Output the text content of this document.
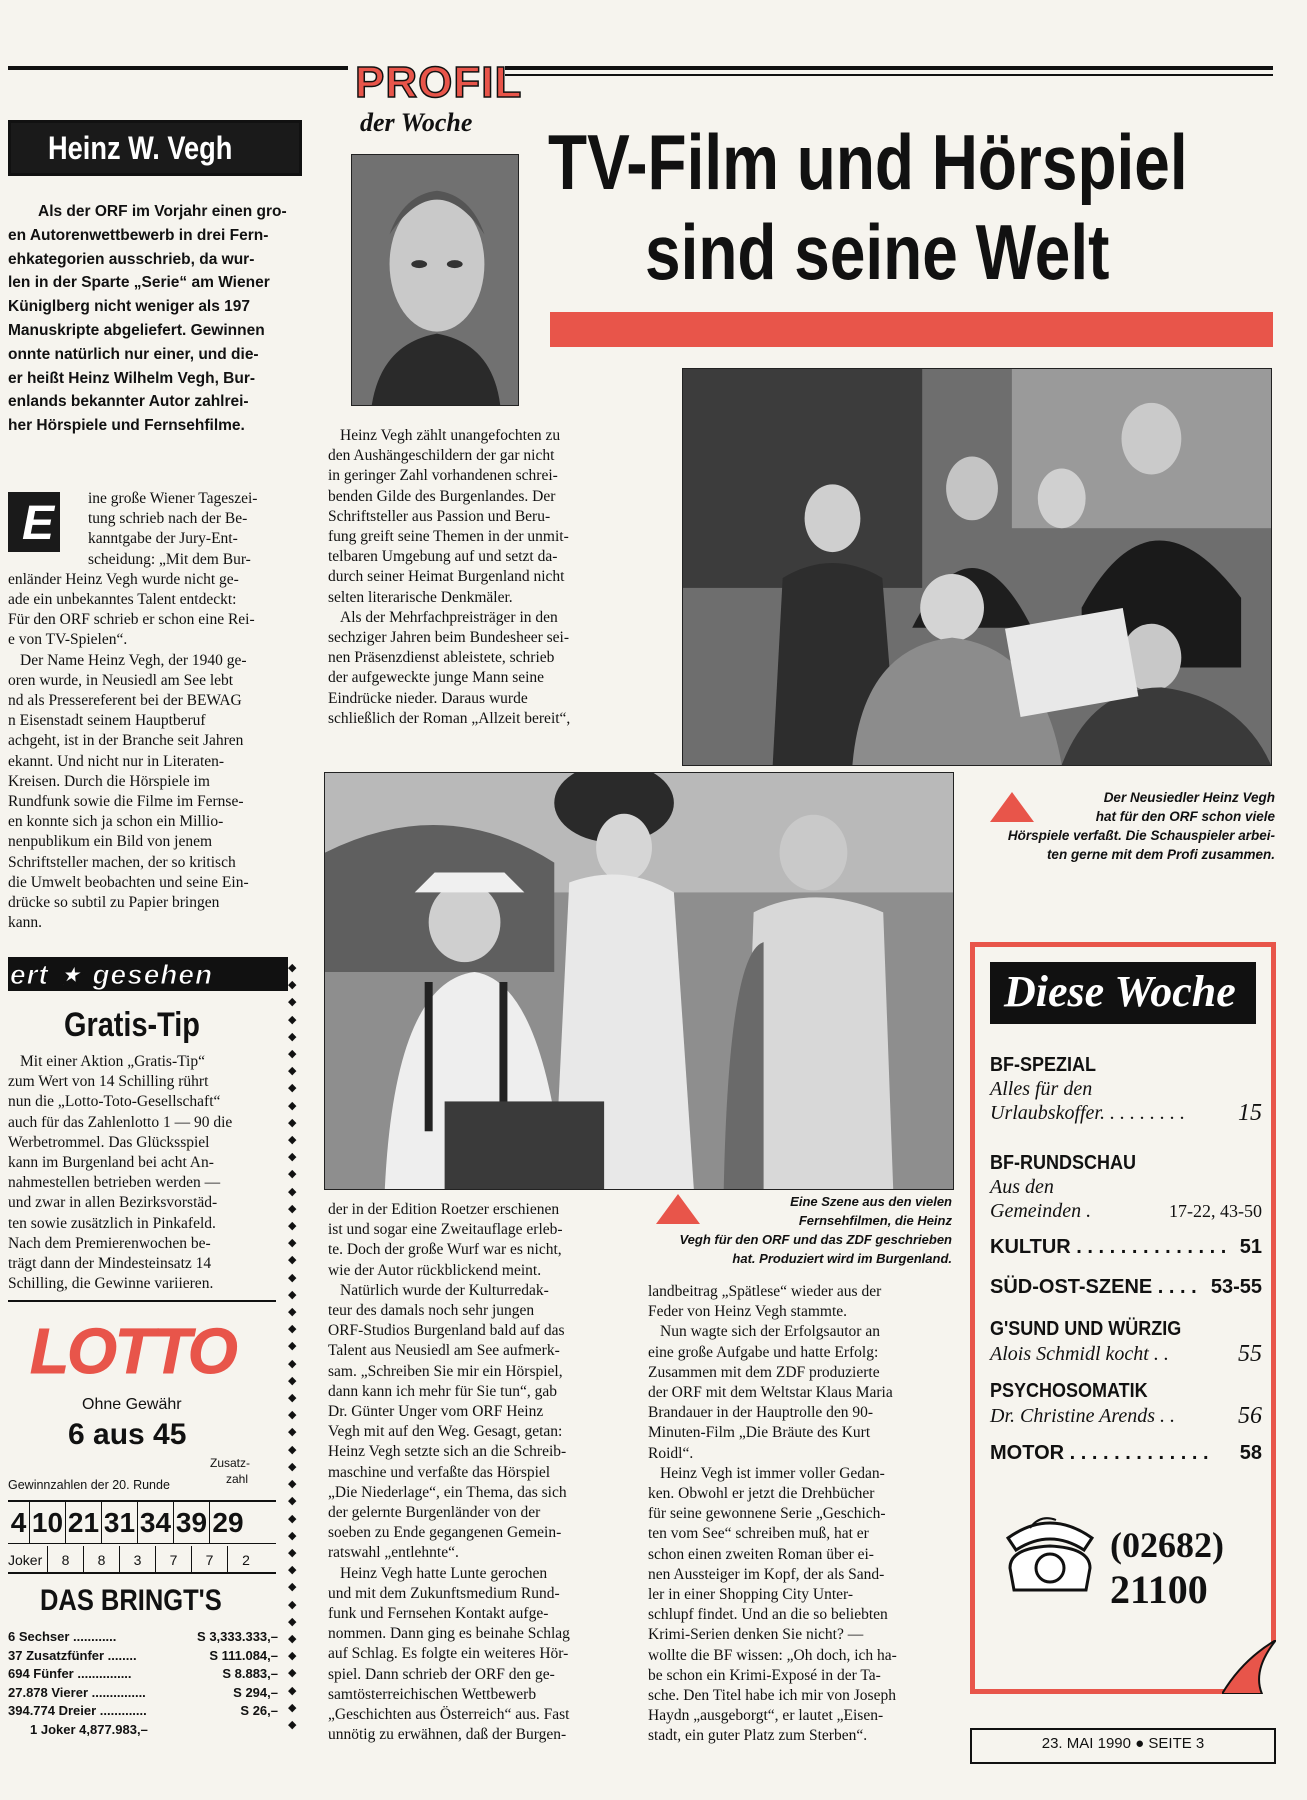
PROFIL
der Woche TV-Film und Hörspiel
sind seine Welt
Heinz W. Vegh
Als der ORF im Vorjahr einen gro-
en Autorenwettbewerb in drei Fern-
ehkategorien ausschrieb, da wur-
len in der Sparte „Serie“ am Wiener
Küniglberg nicht weniger als 197
Manuskripte abgeliefert. Gewinnen
onnte natürlich nur einer, und die-
er heißt Heinz Wilhelm Vegh, Bur-
enlands bekannter Autor zahlrei-
her Hörspiele und Fernsehfilme.
E	ine große Wiener Tageszei-
tung schrieb nach der Be-
kanntgabe der Jury-Ent-
scheidung: „Mit dem Bur-
enländer Heinz Vegh wurde nicht ge-
ade ein unbekanntes Talent entdeckt:
Für den ORF schrieb er schon eine Rei-
e von TV-Spielen“.
Der Name Heinz Vegh, der 1940 ge-
oren wurde, in Neusiedl am See lebt
nd als Pressereferent bei der BEWAG
n Eisenstadt seinem Hauptberuf
achgeht, ist in der Branche seit Jahren
ekannt. Und nicht nur in Literaten-
Kreisen. Durch die Hörspiele im
Rundfunk sowie die Filme im Fernse-
en konnte sich ja schon ein Millio-
nenpublikum ein Bild von jenem
Schriftsteller machen, der so kritisch
die Umwelt beobachten und seine Ein-
drücke so subtil zu Papier bringen
kann.
ert ★ gesehen
Gratis-Tip
Mit einer Aktion „Gratis-Tip“
zum Wert von 14 Schilling rührt
nun die „Lotto-Toto-Gesellschaft“
auch für das Zahlenlotto 1 — 90 die
Werbetrommel. Das Glücksspiel
kann im Burgenland bei acht An-
nahmestellen betrieben werden —
und zwar in allen Bezirksvorstäd-
ten sowie zusätzlich in Pinkafeld.
Nach dem Premierenwochen be-
trägt dann der Mindesteinsatz 14
Schilling, die Gewinne variieren.
◆
◆
◆
◆
◆
◆
◆
◆
◆
◆
◆
◆
◆
◆
◆
◆
◆
◆
◆
◆
◆
◆
◆
◆
◆
◆
◆
◆
◆
◆
◆
◆
◆
◆
◆
◆
◆
◆
◆
◆
◆
◆
◆
◆
◆
LOTTO
Ohne Gewähr
6 aus 45
Zusatz-
zahl
Gewinnzahlen der 20. Runde
4 10 21 31 34 39 29
Joker	8	8	3	7	7	2
DAS BRINGT'S
6 Sechser ............	S 3,333.333,–
37 Zusatzfünfer ........	S 111.084,–
694 Fünfer ...............	S 8.883,–
27.878 Vierer ...............	S 294,–
394.774 Dreier .............	S 26,–
1 Joker 4,877.983,–
Heinz Vegh zählt unangefochten zu
den Aushängeschildern der gar nicht
in geringer Zahl vorhandenen schrei-
benden Gilde des Burgenlandes. Der
Schriftsteller aus Passion und Beru-
fung greift seine Themen in der unmit-
telbaren Umgebung auf und setzt da-
durch seiner Heimat Burgenland nicht
selten literarische Denkmäler.
Als der Mehrfachpreisträger in den
sechziger Jahren beim Bundesheer sei-
nen Präsenzdienst ableistete, schrieb
der aufgeweckte junge Mann seine
Eindrücke nieder. Daraus wurde
schließlich der Roman „Allzeit bereit“,
Der Neusiedler Heinz Vegh
hat für den ORF schon viele
Hörspiele verfaßt. Die Schauspieler arbei-
ten gerne mit dem Profi zusammen.
Eine Szene aus den vielen
Fernsehfilmen, die Heinz
Vegh für den ORF und das ZDF geschrieben
hat. Produziert wird im Burgenland.
der in der Edition Roetzer erschienen
ist und sogar eine Zweitauflage erleb-
te. Doch der große Wurf war es nicht,
wie der Autor rückblickend meint.
Natürlich wurde der Kulturredak-
teur des damals noch sehr jungen
ORF-Studios Burgenland bald auf das
Talent aus Neusiedl am See aufmerk-
sam. „Schreiben Sie mir ein Hörspiel,
dann kann ich mehr für Sie tun“, gab
Dr. Günter Unger vom ORF Heinz
Vegh mit auf den Weg. Gesagt, getan:
Heinz Vegh setzte sich an die Schreib-
maschine und verfaßte das Hörspiel
„Die Niederlage“, ein Thema, das sich
der gelernte Burgenländer von der
soeben zu Ende gegangenen Gemein-
ratswahl „entlehnte“.
Heinz Vegh hatte Lunte gerochen
und mit dem Zukunftsmedium Rund-
funk und Fernsehen Kontakt aufge-
nommen. Dann ging es beinahe Schlag
auf Schlag. Es folgte ein weiteres Hör-
spiel. Dann schrieb der ORF den ge-
samtösterreichischen Wettbewerb
„Geschichten aus Österreich“ aus. Fast
unnötig zu erwähnen, daß der Burgen-
landbeitrag „Spätlese“ wieder aus der
Feder von Heinz Vegh stammte.
Nun wagte sich der Erfolgsautor an
eine große Aufgabe und hatte Erfolg:
Zusammen mit dem ZDF produzierte
der ORF mit dem Weltstar Klaus Maria
Brandauer in der Hauptrolle den 90-
Minuten-Film „Die Bräute des Kurt
Roidl“.
Heinz Vegh ist immer voller Gedan-
ken. Obwohl er jetzt die Drehbücher
für seine gewonnene Serie „Geschich-
ten vom See“ schreiben muß, hat er
schon einen zweiten Roman über ei-
nen Aussteiger im Kopf, der als Sand-
ler in einer Shopping City Unter-
schlupf findet. Und an die so beliebten
Krimi-Serien denken Sie nicht? —
wollte die BF wissen: „Oh doch, ich ha-
be schon ein Krimi-Exposé in der Ta-
sche. Den Titel habe ich mir von Joseph
Haydn „ausgeborgt“, er lautet „Eisen-
stadt, ein guter Platz zum Sterben“.
Diese Woche
BF-SPEZIAL
Alles für den
Urlaubskoffer. . . . . . . . . 15
BF-RUNDSCHAU
Aus den
Gemeinden .	17-22, 43-50
KULTUR . . . . . . . . . . . . . . 51
SÜD-OST-SZENE . . . . 53-55
G'SUND UND WÜRZIG
Alois Schmidl kocht . .	55
PSYCHOSOMATIK
Dr. Christine Arends . .	56
MOTOR . . . . . . . . . . . . . 58
(02682)
21100
23. MAI 1990 ● SEITE 3
